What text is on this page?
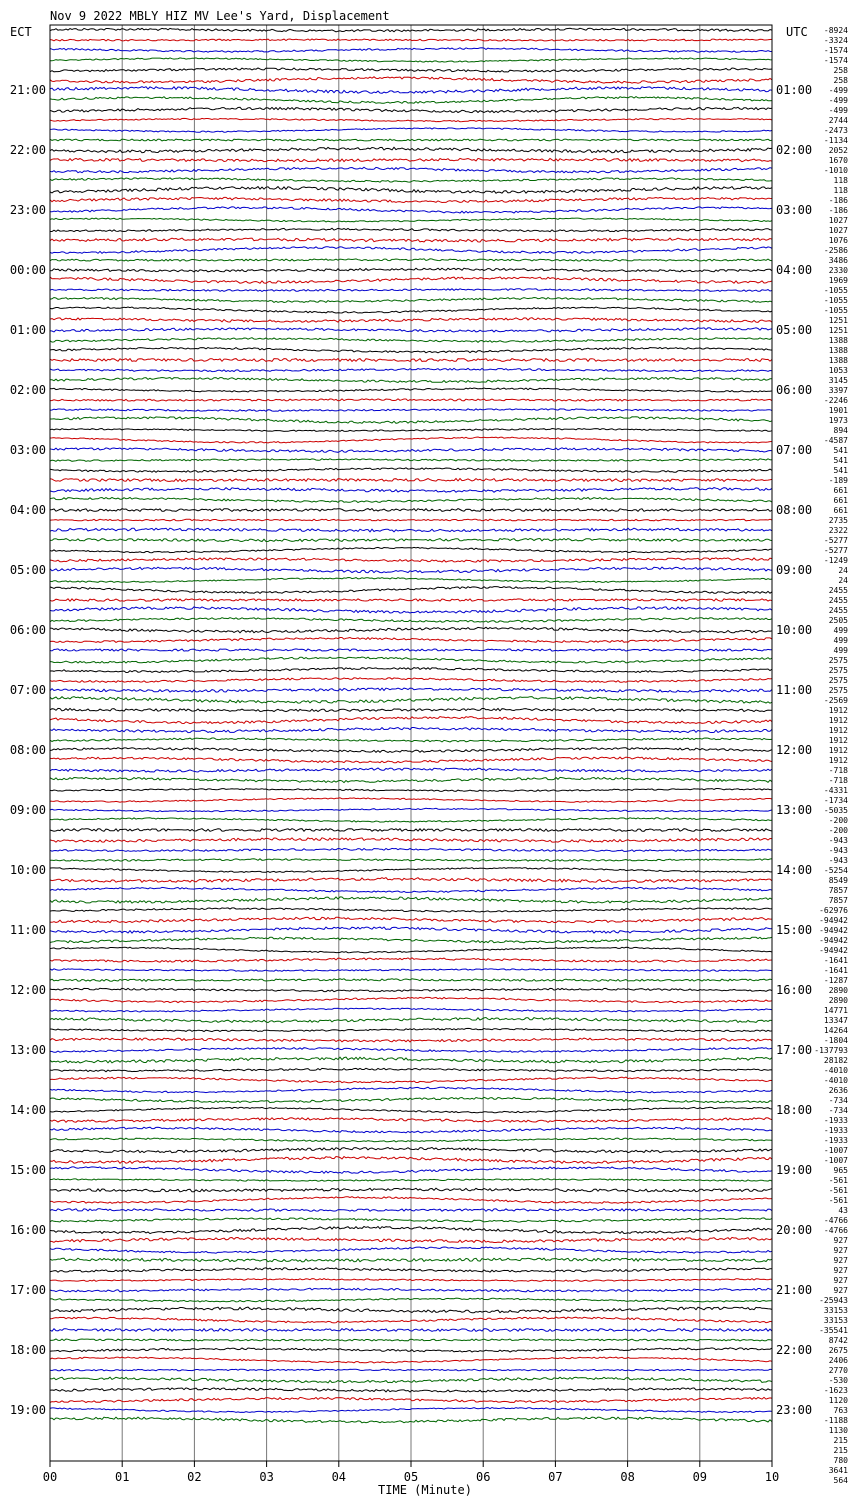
Nov 9 2022 MBLY HIZ MV Lee's Yard, Displacement
ECT	UTC
21:00
22:00
23:00
00:00
01:00
02:00
03:00
04:00
05:00
06:00
07:00
08:00
09:00
10:00
11:00
12:00
13:00
14:00
15:00
16:00
17:00
18:00
19:00
01:00
02:00
03:00
04:00
05:00
06:00
07:00
08:00
09:00
10:00
11:00
12:00
13:00
14:00
15:00
16:00
17:00
18:00
19:00
20:00
21:00
22:00
23:00
-8924
-3324
-1574
-1574
258
258
-499
-499
-499
2744
-2473
-1134
2052
1670
-1010
118
118
-186
-186
1027
1027
1076
-2586
3486
2330
1969
-1055
-1055
-1055
1251
1251
1388
1388
1388
1053
3145
3397
-2246
1901
1973
894
-4587
541
541
541
-189
661
661
661
2735
2322
-5277
-5277
-1249
24
24
2455
2455
2455
2505
499
499
499
2575
2575
2575
2575
-2569
1912
1912
1912
1912
1912
1912
-718
-718
-4331
-1734
-5035
-200
-200
-943
-943
-943
-5254
8549
7857
7857
-62976
-94942
-94942
-94942
-94942
-1641
-1641
-1287
2890
2890
14771
13347
14264
-1804
-137793
28182
-4010
-4010
2636
-734
-734
-1933
-1933
-1933
-1007
-1007
965
-561
-561
-561
43
-4766
-4766
927
927
927
927
927
927
-25943
33153
33153
-35541
8742
2675
2406
2770
-530
-1623
1120
763
-1188
1130
215
215
780
3641
564
00	01	02	03	04	05	06	07	08	09	10
TIME (Minute)
